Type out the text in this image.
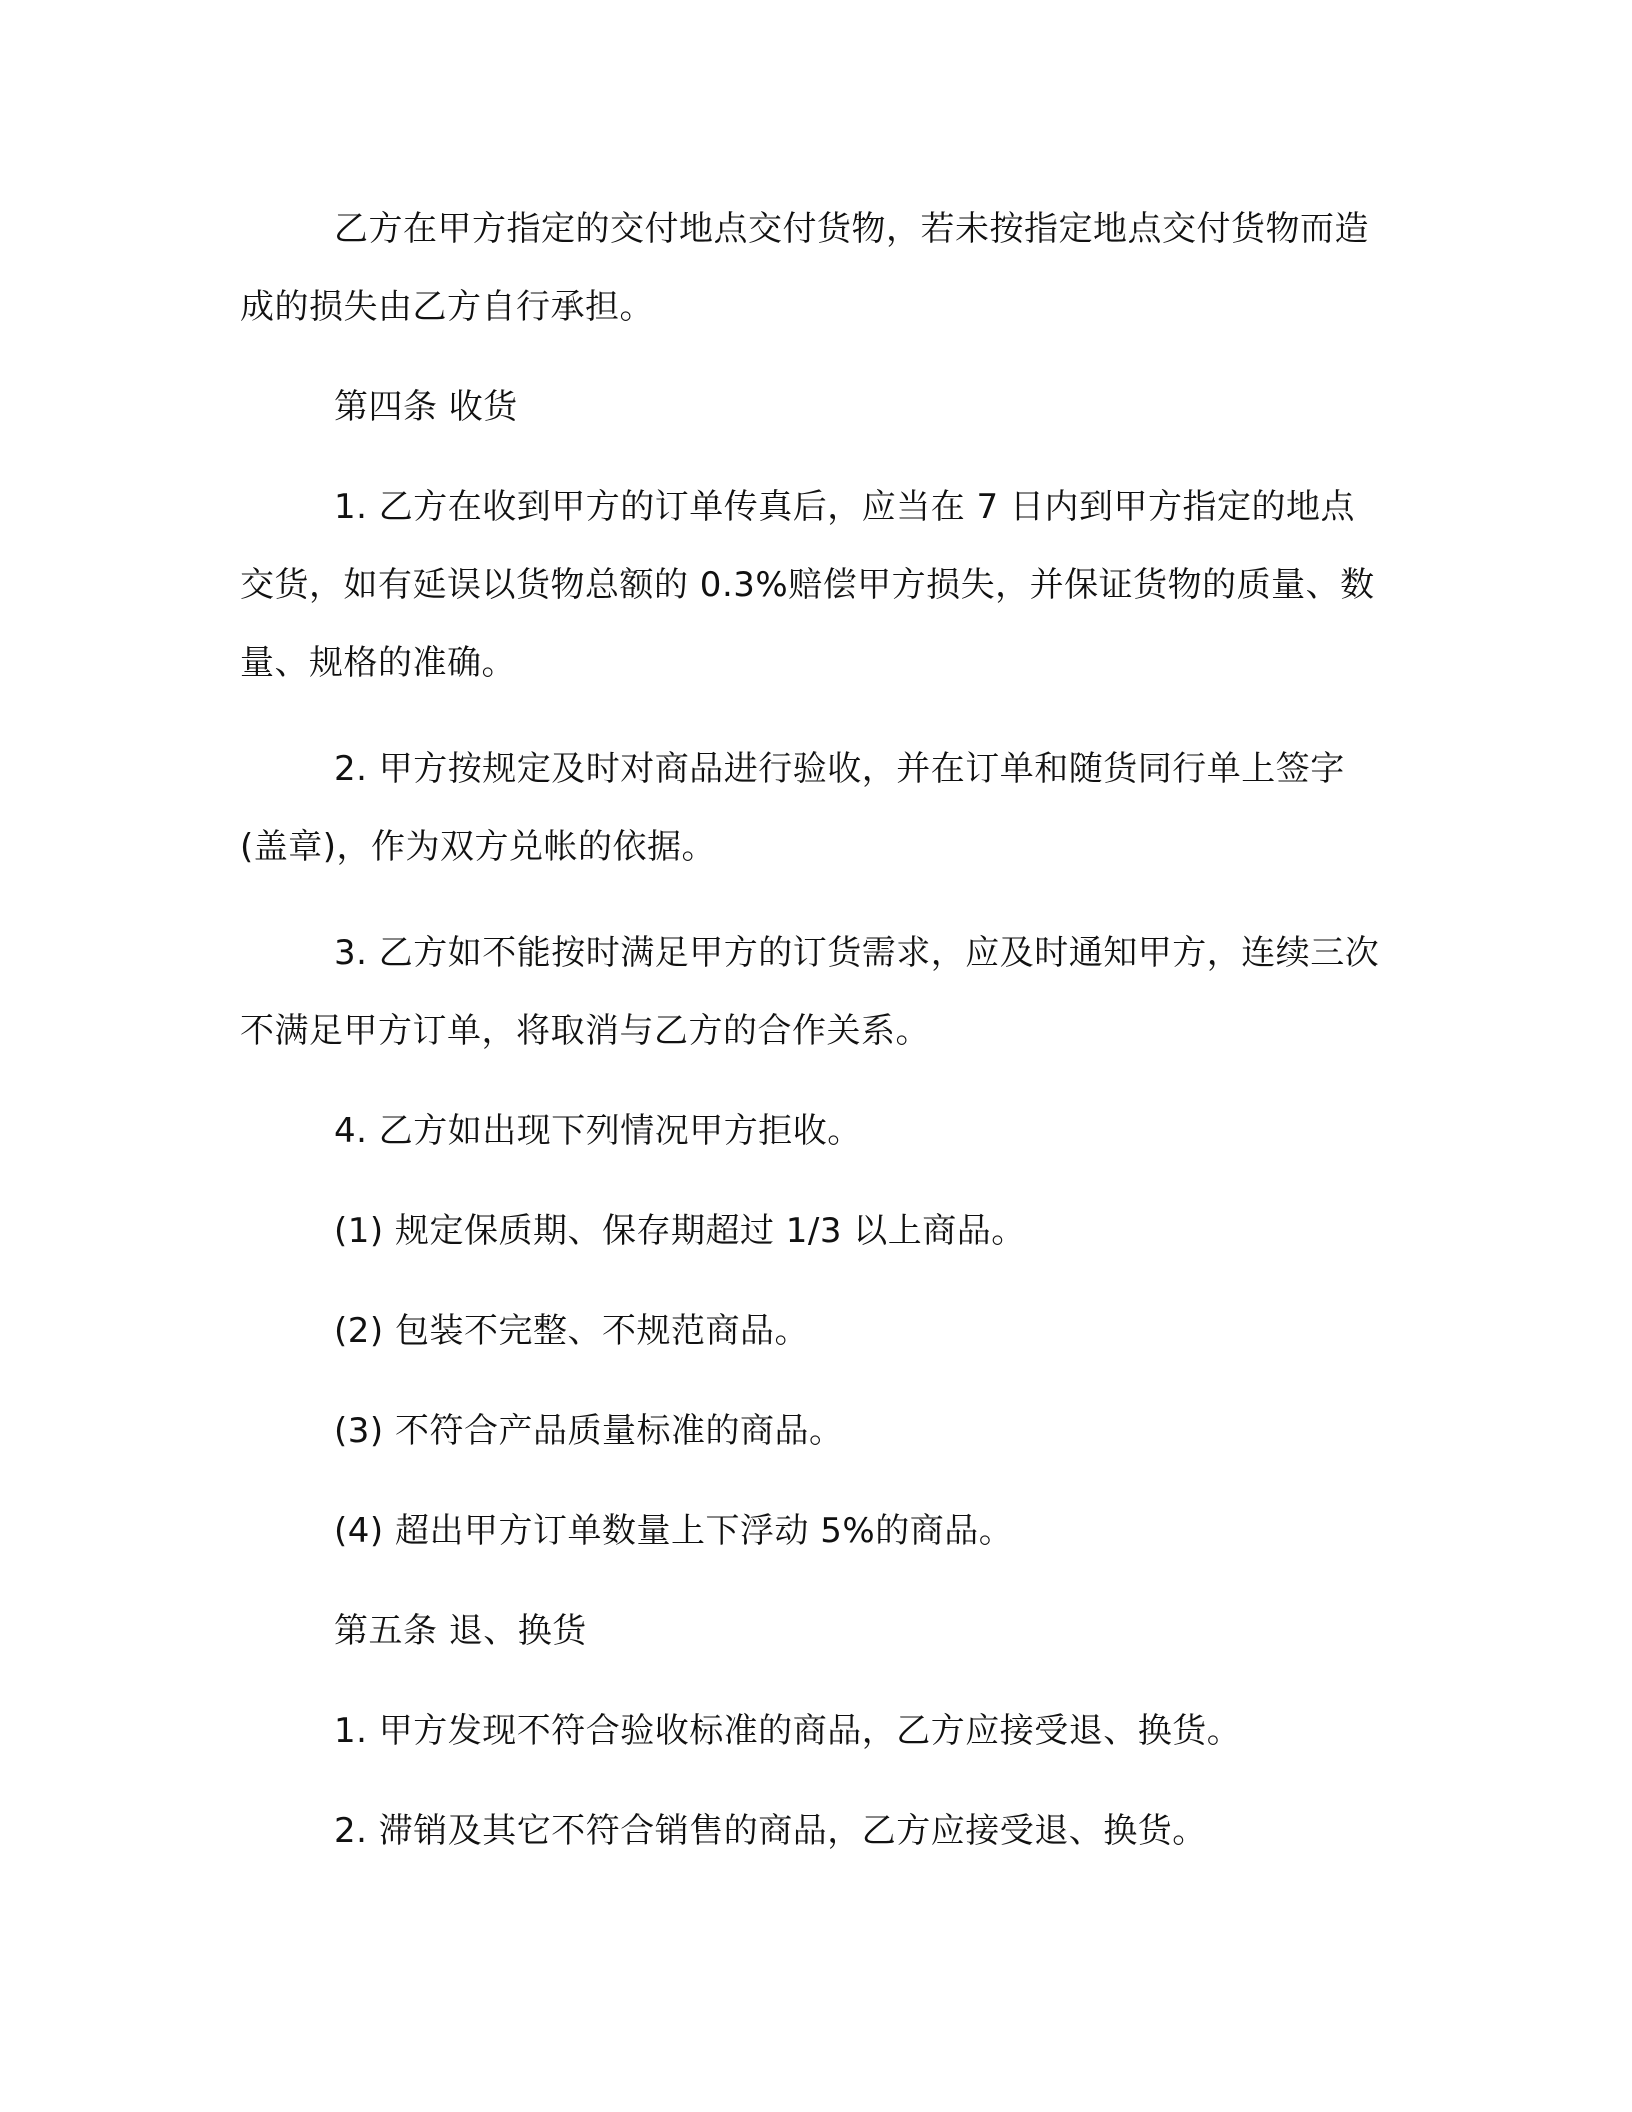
乙方在甲方指定的交付地点交付货物，若未按指定地点交付货物而造成的损失由乙方自行承担。

第四条 收货

1. 乙方在收到甲方的订单传真后，应当在 7 日内到甲方指定的地点交货，如有延误以货物总额的 0.3%赔偿甲方损失，并保证货物的质量、数量、规格的准确。

2. 甲方按规定及时对商品进行验收，并在订单和随货同行单上签字(盖章)，作为双方兑帐的依据。

3. 乙方如不能按时满足甲方的订货需求，应及时通知甲方，连续三次不满足甲方订单，将取消与乙方的合作关系。

4. 乙方如出现下列情况甲方拒收。

(1) 规定保质期、保存期超过 1/3 以上商品。

(2) 包装不完整、不规范商品。

(3) 不符合产品质量标准的商品。

(4) 超出甲方订单数量上下浮动 5%的商品。

第五条 退、换货

1. 甲方发现不符合验收标准的商品，乙方应接受退、换货。

2. 滞销及其它不符合销售的商品，乙方应接受退、换货。
